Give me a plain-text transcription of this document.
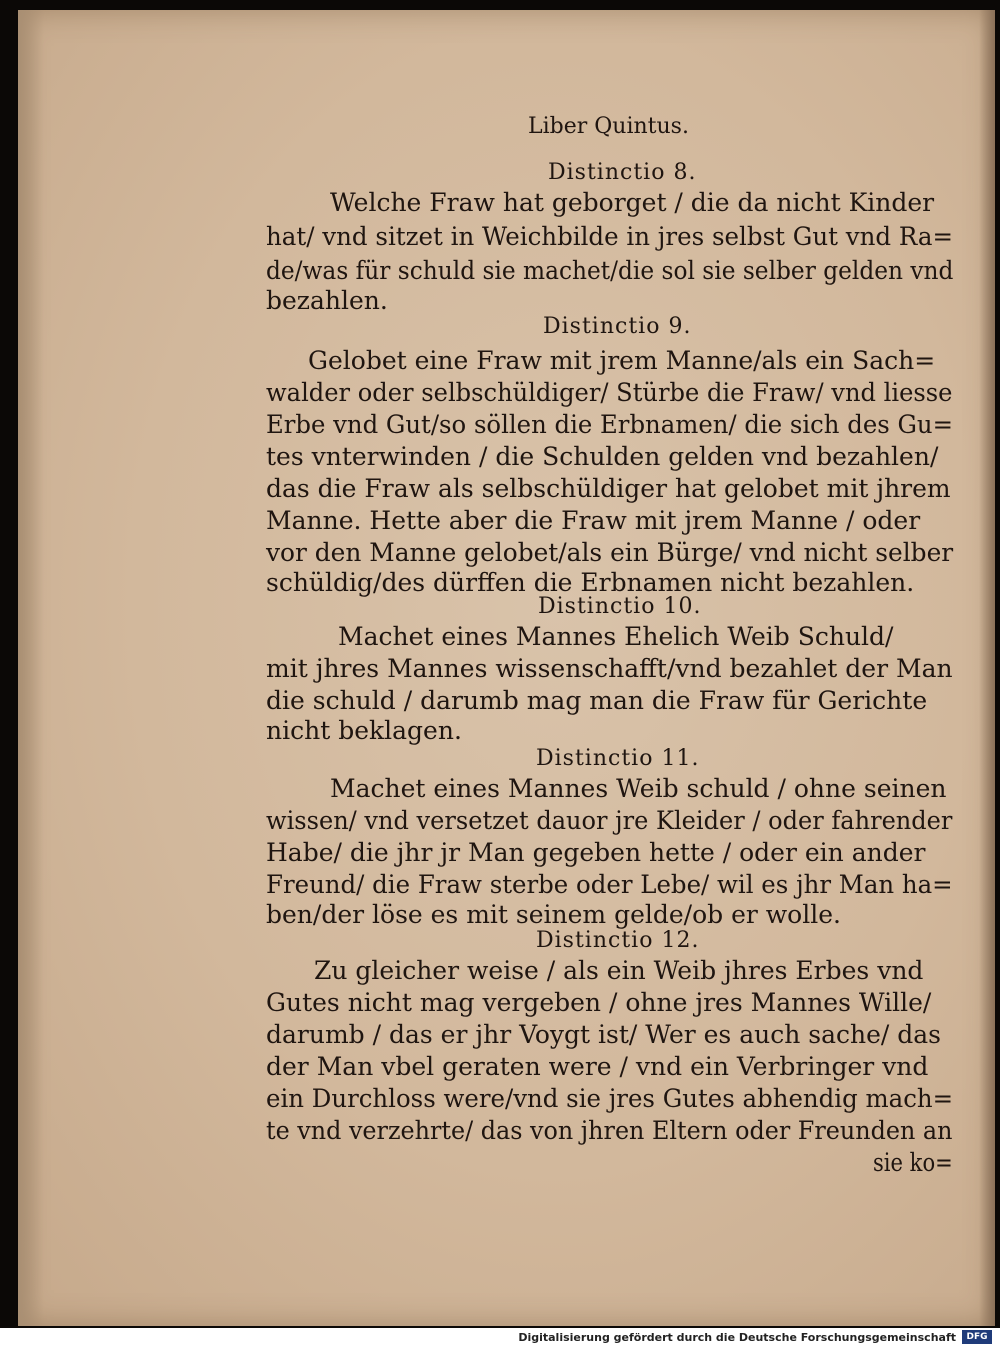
Liber Quintus.

Distinctio 8.

Welche Fraw hat geborget / die da nicht Kinder

hat/ vnd sitzet in Weichbilde in jres selbst Gut vnd Ra=

de/was für schuld sie machet/die sol sie selber gelden vnd

bezahlen.

Distinctio 9.

Gelobet eine Fraw mit jrem Manne/als ein Sach=

walder oder selbschüldiger/ Stürbe die Fraw/ vnd liesse

Erbe vnd Gut/so söllen die Erbnamen/ die sich des Gu=

tes vnterwinden / die Schulden gelden vnd bezahlen/

das die Fraw als selbschüldiger hat gelobet mit jhrem

Manne. Hette aber die Fraw mit jrem Manne / oder

vor den Manne gelobet/als ein Bürge/ vnd nicht selber

schüldig/des dürffen die Erbnamen nicht bezahlen.

Distinctio 10.

Machet eines Mannes Ehelich Weib Schuld/

mit jhres Mannes wissenschafft/vnd bezahlet der Man

die schuld / darumb mag man die Fraw für Gerichte

nicht beklagen.

Distinctio 11.

Machet eines Mannes Weib schuld / ohne seinen

wissen/ vnd versetzet dauor jre Kleider / oder fahrender

Habe/ die jhr jr Man gegeben hette / oder ein ander

Freund/ die Fraw sterbe oder Lebe/ wil es jhr Man ha=

ben/der löse es mit seinem gelde/ob er wolle.

Distinctio 12.

Zu gleicher weise / als ein Weib jhres Erbes vnd

Gutes nicht mag vergeben / ohne jres Mannes Wille/

darumb / das er jhr Voygt ist/ Wer es auch sache/ das

der Man vbel geraten were / vnd ein Verbringer vnd

ein Durchloss were/vnd sie jres Gutes abhendig mach=

te vnd verzehrte/ das von jhren Eltern oder Freunden an

sie ko=

Digitalisierung gefördert durch die Deutsche Forschungsgemeinschaft	DFG
